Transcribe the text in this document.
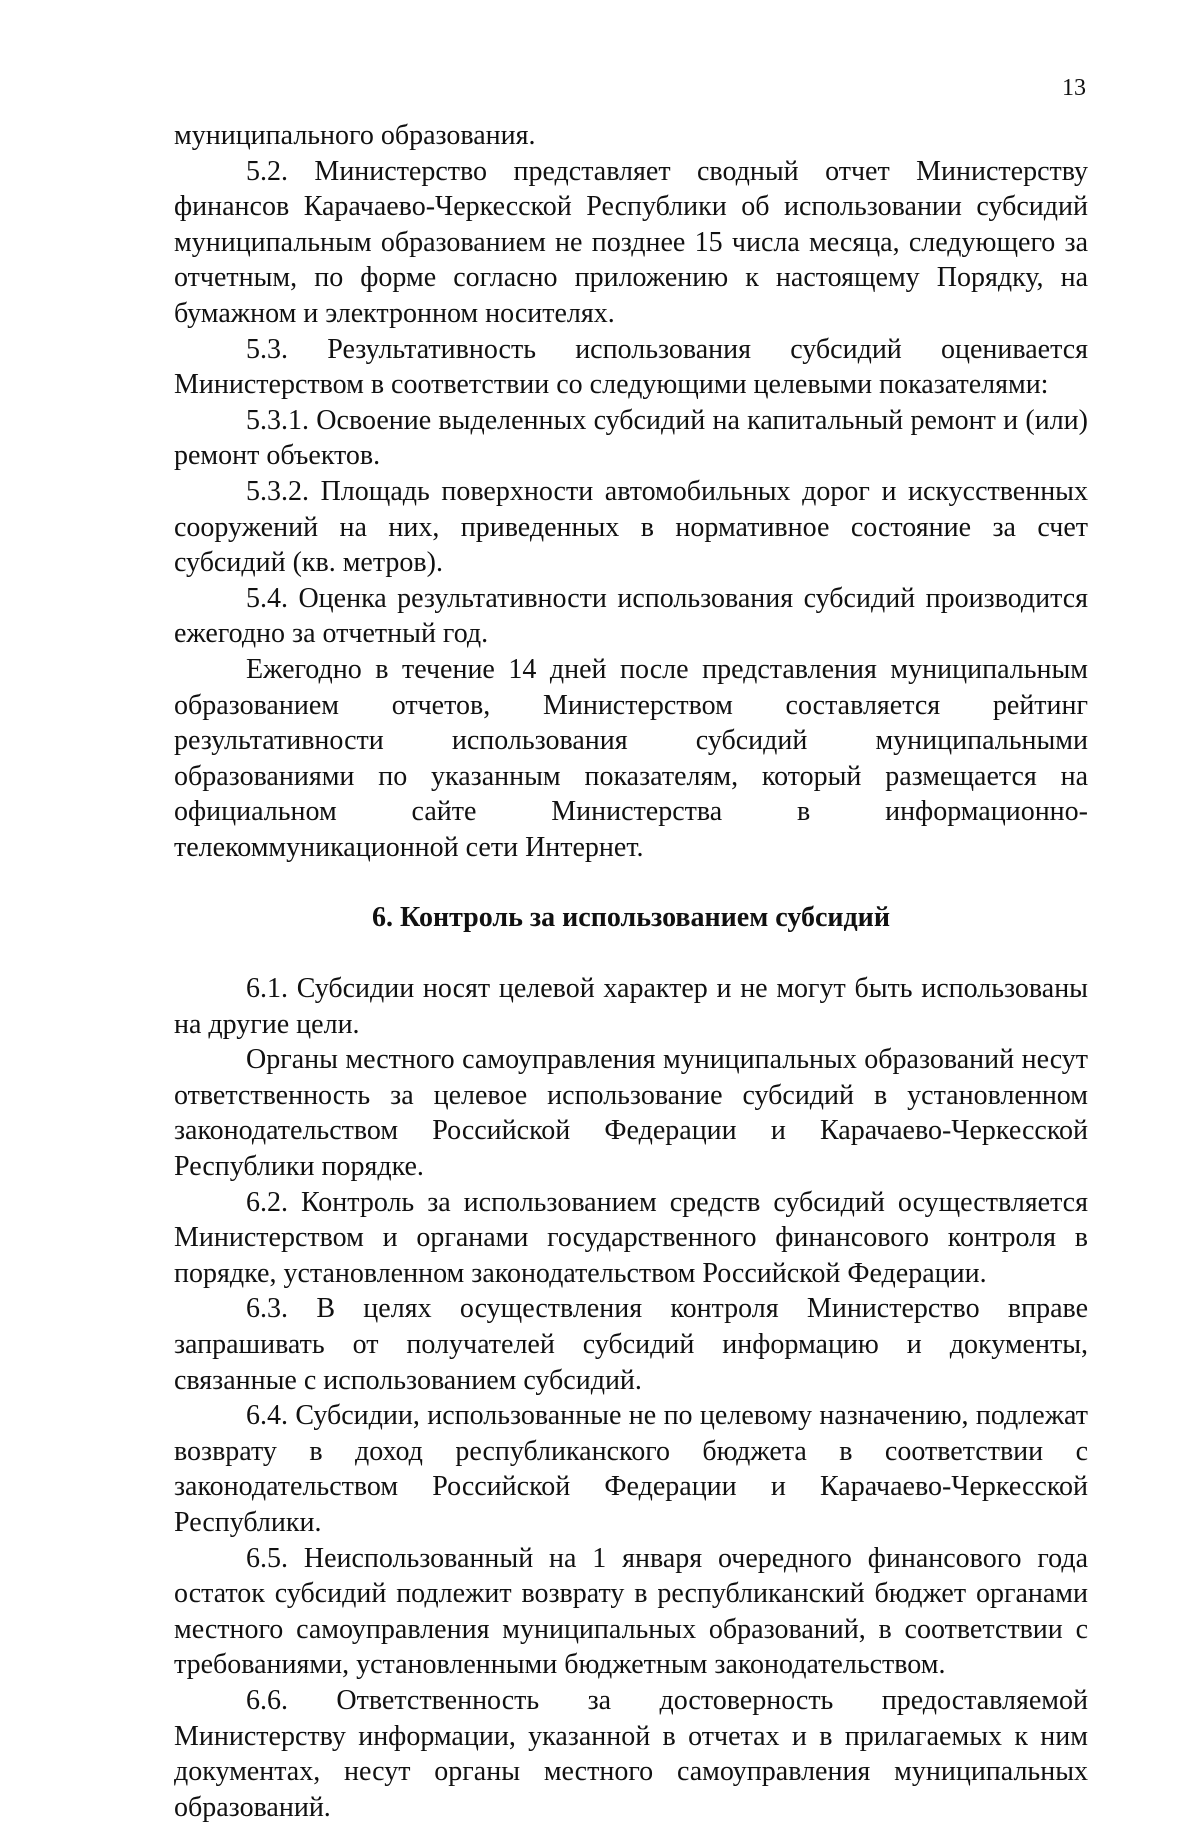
13

муниципального образования.

5.2. Министерство представляет сводный отчет Министерству финансов Карачаево-Черкесской Республики об использовании субсидий муниципальным образованием не позднее 15 числа месяца, следующего за отчетным, по форме согласно приложению к настоящему Порядку, на бумажном и электронном носителях.

5.3. Результативность использования субсидий оценивается Министерством в соответствии со следующими целевыми показателями:

5.3.1. Освоение выделенных субсидий на капитальный ремонт и (или) ремонт объектов.

5.3.2. Площадь поверхности автомобильных дорог и искусственных сооружений на них, приведенных в нормативное состояние за счет субсидий (кв. метров).

5.4. Оценка результативности использования субсидий производится ежегодно за отчетный год.

Ежегодно в течение 14 дней после представления муниципальным образованием отчетов, Министерством составляется рейтинг результативности использования субсидий муниципальными образованиями по указанным показателям, который размещается на официальном сайте Министерства в информационно-телекоммуникационной сети Интернет.

6. Контроль за использованием субсидий

6.1. Субсидии носят целевой характер и не могут быть использованы на другие цели.

Органы местного самоуправления муниципальных образований несут ответственность за целевое использование субсидий в установленном законодательством Российской Федерации и Карачаево-Черкесской Республики порядке.

6.2. Контроль за использованием средств субсидий осуществляется Министерством и органами государственного финансового контроля в порядке, установленном законодательством Российской Федерации.

6.3. В целях осуществления контроля Министерство вправе запрашивать от получателей субсидий информацию и документы, связанные с использованием субсидий.

6.4. Субсидии, использованные не по целевому назначению, подлежат возврату в доход республиканского бюджета в соответствии с законодательством Российской Федерации и Карачаево-Черкесской Республики.

6.5. Неиспользованный на 1 января очередного финансового года остаток субсидий подлежит возврату в республиканский бюджет органами местного самоуправления муниципальных образований, в соответствии с требованиями, установленными бюджетным законодательством.

6.6. Ответственность за достоверность предоставляемой Министерству информации, указанной в отчетах и в прилагаемых к ним документах, несут органы местного самоуправления муниципальных образований.
